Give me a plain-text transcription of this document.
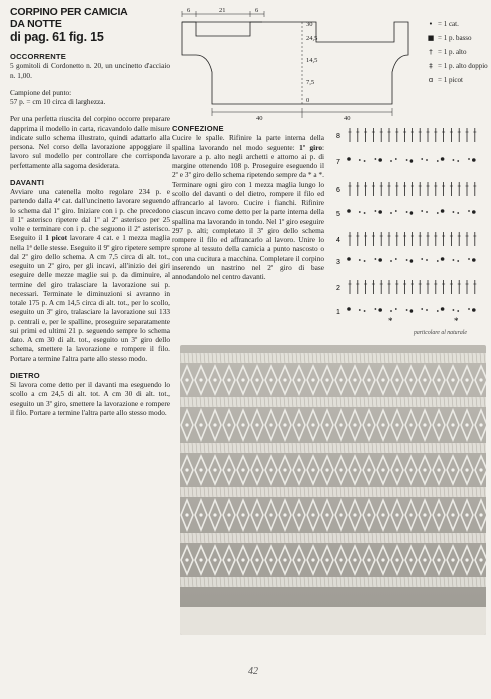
CORPINO PER CAMICIA
DA NOTTE
di pag. 61 fig. 15
OCCORRENTE

5 gomitoli di Cordonetto n. 20, un uncinetto d'acciaio n. 1,00.

Campione del punto:

57 p. = cm 10 circa di larghezza.

Per una perfetta riuscita del corpino occorre preparare dapprima il modello in carta, ricavandolo dalle misure indicate sullo schema illustrato, quindi adattarlo alla persona. Nel corso della lavorazione appoggiare il lavoro sul modello per controllare che corrisponda perfettamente alla sagoma desiderata.

DAVANTI

Avviare una catenella molto regolare 234 p. e partendo dalla 4ª cat. dall'uncinetto lavorare seguendo lo schema dal 1º giro. Iniziare con i p. che precedono il 1º asterisco ripetere dal 1º al 2º asterisco per 25 volte e terminare con i p. che seguono il 2º asterisco. Eseguito il 1 picot lavorare 4 cat. e 1 mezza maglia nella 1ª delle stesse. Eseguito il 9º giro ripetere sempre dal 2º giro dello schema. A cm 7,5 circa di alt. tot., eseguito un 2º giro, per gli incavi, all'inizio dei giri eseguire delle mezze maglie sui p. da diminuire, al termine del giro tralasciare la lavorazione sui p. necessari. Terminate le diminuzioni si avranno in totale 175 p. A cm 14,5 circa di alt. tot., per lo scollo, eseguito un 3º giro, tralasciare la lavorazione sui 133 p. centrali e, per le spalline, proseguire separatamente sui primi ed ultimi 21 p. seguendo sempre lo schema dato. A cm 30 di alt. tot., eseguito un 3º giro dello schema, smettere la lavorazione e rompere il filo. Portare a termine l'altra parte allo stesso modo.

DIETRO

Si lavora come detto per il davanti ma eseguendo lo scollo a cm 24,5 di alt. tot. A cm 30 di alt. tot., eseguito un 3º giro, smettere la lavorazione e rompere il filo. Portare a termine l'altra parte allo stesso modo.

6	21	6
30
24,5
14,5
7,5
0
40	40
• = 1 cat.
■ = 1 p. basso
† = 1 p. alto
‡ = 1 p. alto doppio
ɑ = 1 picot
CONFEZIONE

Cucire le spalle. Rifinire la parte interna della spallina lavorando nel modo seguente: 1º giro: lavorare a p. alto negli archetti e attorno ai p. di margine ottenendo 108 p. Proseguire eseguendo il 2º e 3º giro dello schema ripetendo sempre da * a *. Terminare ogni giro con 1 mezza maglia lungo lo scollo del davanti o del dietro, rompere il filo ed affrancarlo al lavoro. Cucire i fianchi. Rifinire ciascun incavo come detto per la parte interna della spallina ma lavorando in tondo. Nel 1º giro eseguire 297 p. alti; completato il 3º giro dello schema rompere il filo ed affrancarlo al lavoro. Unire lo sprone al tessuto della camicia a punto nascosto o con una cucitura a macchina. Completare il corpino inserendo un nastrino nel 2º giro di base annodandolo nel centro davanti.

8
7
6
5
4
3
2
1
*	*
particolare al naturale
42
